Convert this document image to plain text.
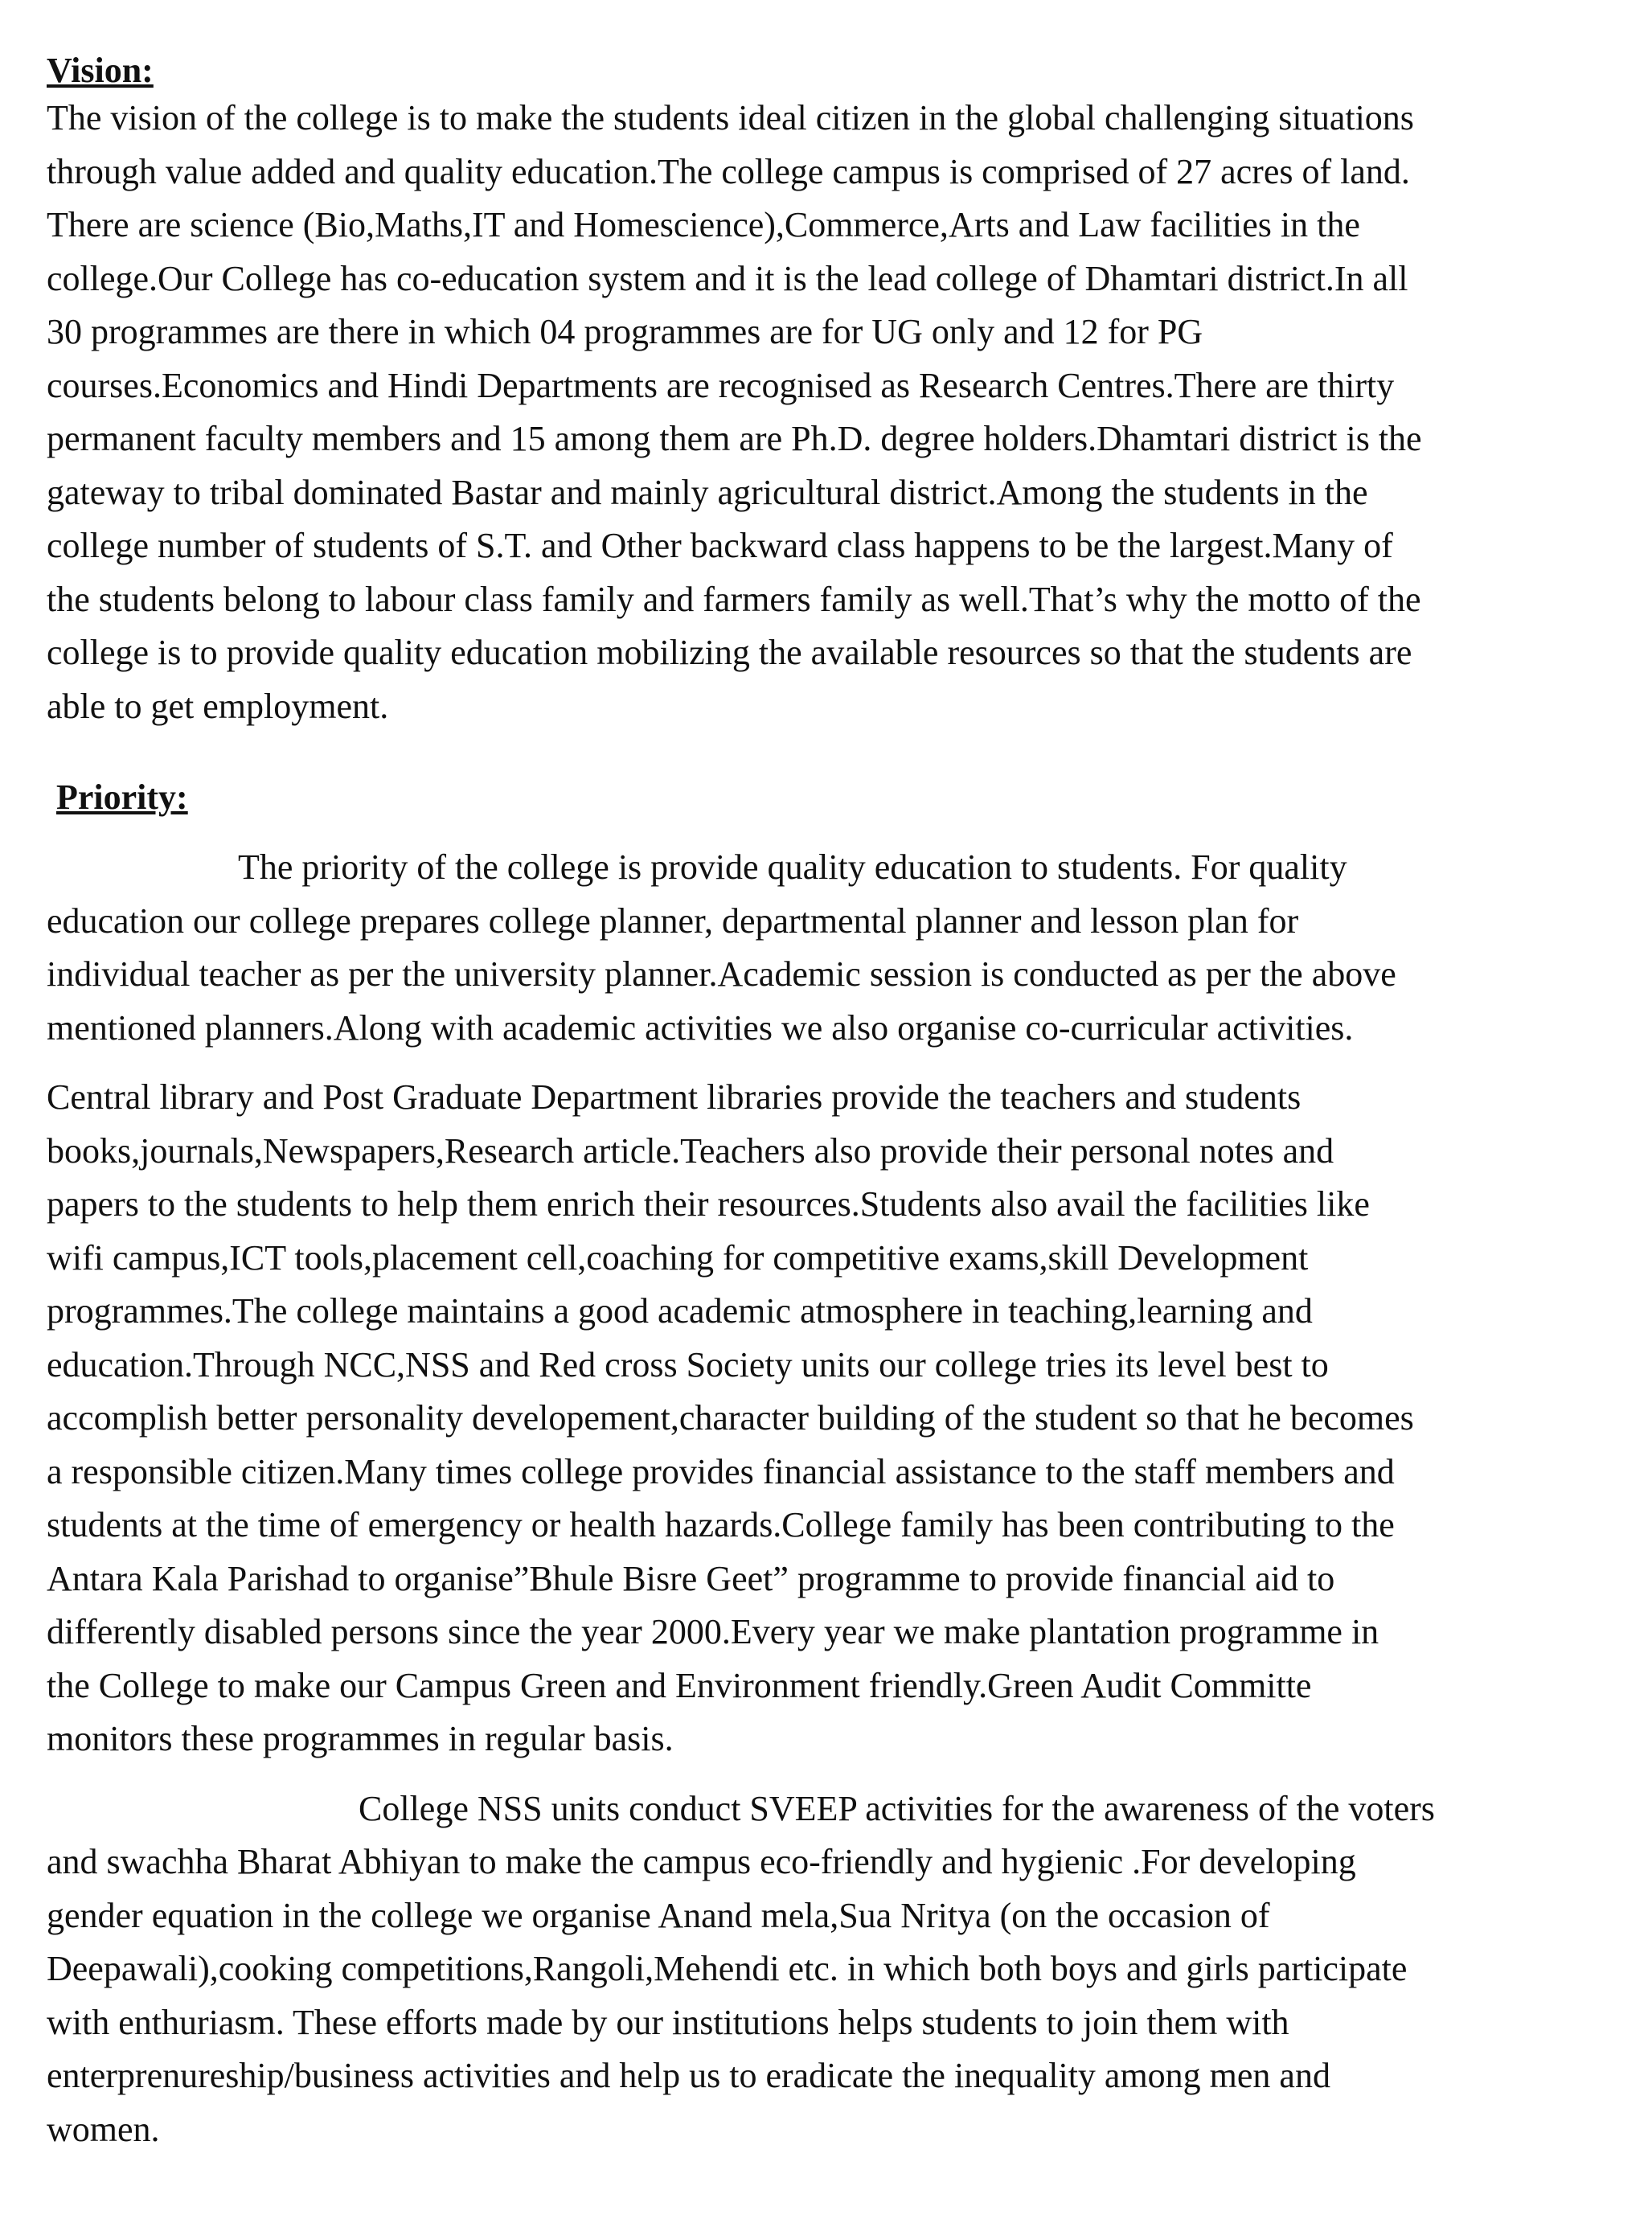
Vision:

The vision of the college is to make the students ideal citizen in the global challenging situations
through value added and quality education.The college campus is comprised of 27 acres of land.
There are science (Bio,Maths,IT and Homescience),Commerce,Arts and Law facilities in the
college.Our College has co-education system and it is the lead college of Dhamtari district.In all
30 programmes are there in which 04 programmes are for UG only and 12 for PG
courses.Economics and Hindi Departments are recognised as Research Centres.There are thirty
permanent faculty members and 15 among them are Ph.D. degree holders.Dhamtari district is the
gateway to tribal dominated Bastar and mainly agricultural district.Among the students in the
college number of students of S.T. and Other backward class happens to be the largest.Many of
the students belong to labour class family and farmers family as well.That’s why the motto of the
college is to provide quality education mobilizing the available resources so that the students are
able to get employment.

Priority:

The priority of the college is provide quality education to students. For quality
education our college prepares college planner, departmental planner and lesson plan for
individual teacher as per the university planner.Academic session is conducted as per the above
mentioned planners.Along with academic activities we also organise co-curricular activities.

Central library and Post Graduate Department libraries provide the teachers and students
books,journals,Newspapers,Research article.Teachers also provide their personal notes and
papers to the students to help them enrich their resources.Students also avail the facilities like
wifi campus,ICT tools,placement cell,coaching for competitive exams,skill Development
programmes.The college maintains a good academic atmosphere in teaching,learning and
education.Through NCC,NSS and Red cross Society units our college tries its level best to
accomplish better personality developement,character building of the student so that he becomes
a responsible citizen.Many times college provides financial assistance to the staff members and
students at the time of emergency or health hazards.College family has been contributing to the
Antara Kala Parishad to organise”Bhule Bisre Geet” programme to provide financial aid to
differently disabled persons since the year 2000.Every year we make plantation programme in
the College to make our Campus Green and Environment friendly.Green Audit Committe
monitors these programmes in regular basis.

College NSS units conduct SVEEP activities for the awareness of the voters
and swachha Bharat Abhiyan to make the campus eco-friendly and hygienic .For developing
gender equation in the college we organise Anand mela,Sua Nritya (on the occasion of
Deepawali),cooking competitions,Rangoli,Mehendi etc. in which both boys and girls participate
with enthuriasm. These efforts made by our institutions helps students to join them with
enterprenureship/business activities and help us to eradicate the inequality among men and
women.
